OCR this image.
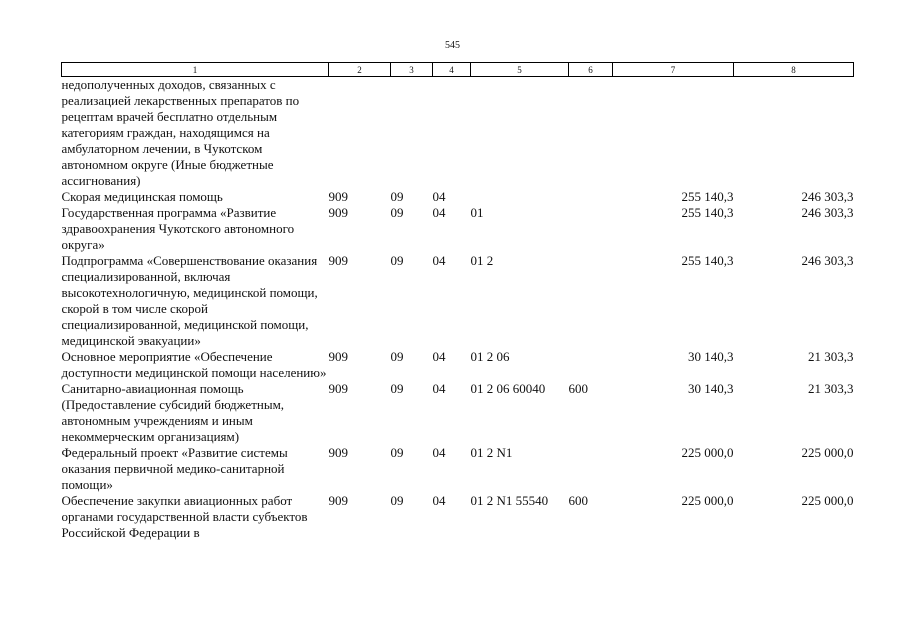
545
1	2	3	4	5	6	7	8
недополученных доходов, связанных с реализацией лекарственных препаратов по рецептам врачей бесплатно отдельным категориям граждан, находящимся на амбулаторном лечении, в Чукотском автономном округе (Иные бюджетные ассигнования)							
Скорая медицинская помощь	909	09	04			255 140,3	246 303,3
Государственная программа «Развитие здравоохранения Чукотского автономного округа»	909	09	04	01		255 140,3	246 303,3
Подпрограмма «Совершенствование оказания специализированной, включая высокотехнологичную, медицинской помощи, скорой в том числе скорой специализированной, медицинской помощи, медицинской эвакуации»	909	09	04	01 2		255 140,3	246 303,3
Основное мероприятие «Обеспечение доступности медицинской помощи населению»	909	09	04	01 2 06		30 140,3	21 303,3
Санитарно-авиационная помощь (Предоставление субсидий бюджетным, автономным учреждениям и иным некоммерческим организациям)	909	09	04	01 2 06 60040	600	30 140,3	21 303,3
Федеральный проект «Развитие системы оказания первичной медико-санитарной помощи»	909	09	04	01 2 N1		225 000,0	225 000,0
Обеспечение закупки авиационных работ органами государственной власти субъектов Российской Федерации в	909	09	04	01 2 N1 55540	600	225 000,0	225 000,0
